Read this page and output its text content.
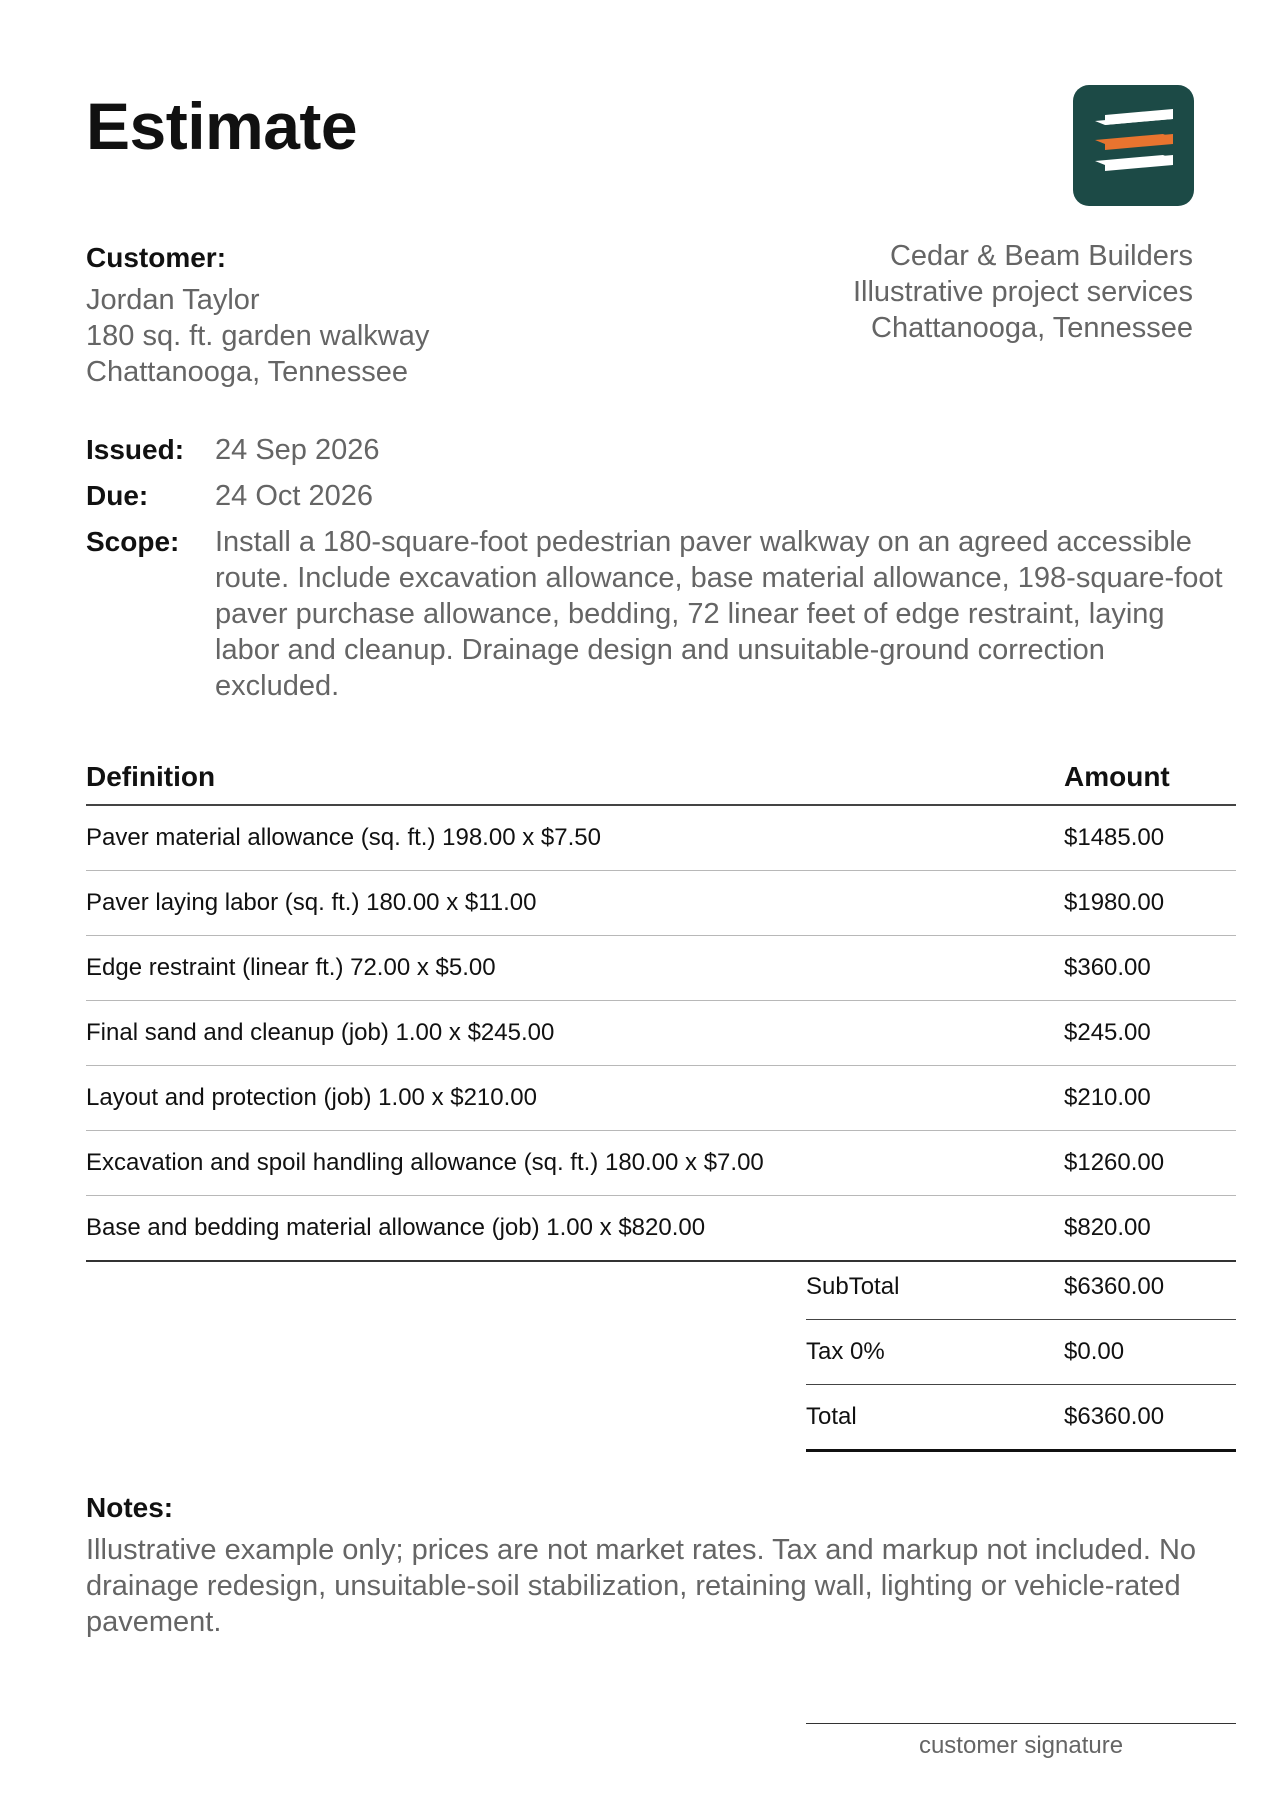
Estimate
Customer:
Jordan Taylor
180 sq. ft. garden walkway
Chattanooga, Tennessee
Cedar & Beam Builders
Illustrative project services
Chattanooga, Tennessee
Issued:	24 Sep 2026
Due:	24 Oct 2026
Scope:	Install a 180-square-foot pedestrian paver walkway on an agreed accessible route. Include excavation allowance, base material allowance, 198-square-foot paver purchase allowance, bedding, 72 linear feet of edge restraint, laying labor and cleanup. Drainage design and unsuitable-ground correction excluded.
Definition	Amount
Paver material allowance (sq. ft.) 198.00 x $7.50	$1485.00
Paver laying labor (sq. ft.) 180.00 x $11.00	$1980.00
Edge restraint (linear ft.) 72.00 x $5.00	$360.00
Final sand and cleanup (job) 1.00 x $245.00	$245.00
Layout and protection (job) 1.00 x $210.00	$210.00
Excavation and spoil handling allowance (sq. ft.) 180.00 x $7.00	$1260.00
Base and bedding material allowance (job) 1.00 x $820.00	$820.00
SubTotal	$6360.00
Tax 0%	$0.00
Total	$6360.00
Notes:
Illustrative example only; prices are not market rates. Tax and markup not included. No drainage redesign, unsuitable-soil stabilization, retaining wall, lighting or vehicle-rated pavement.
customer signature
